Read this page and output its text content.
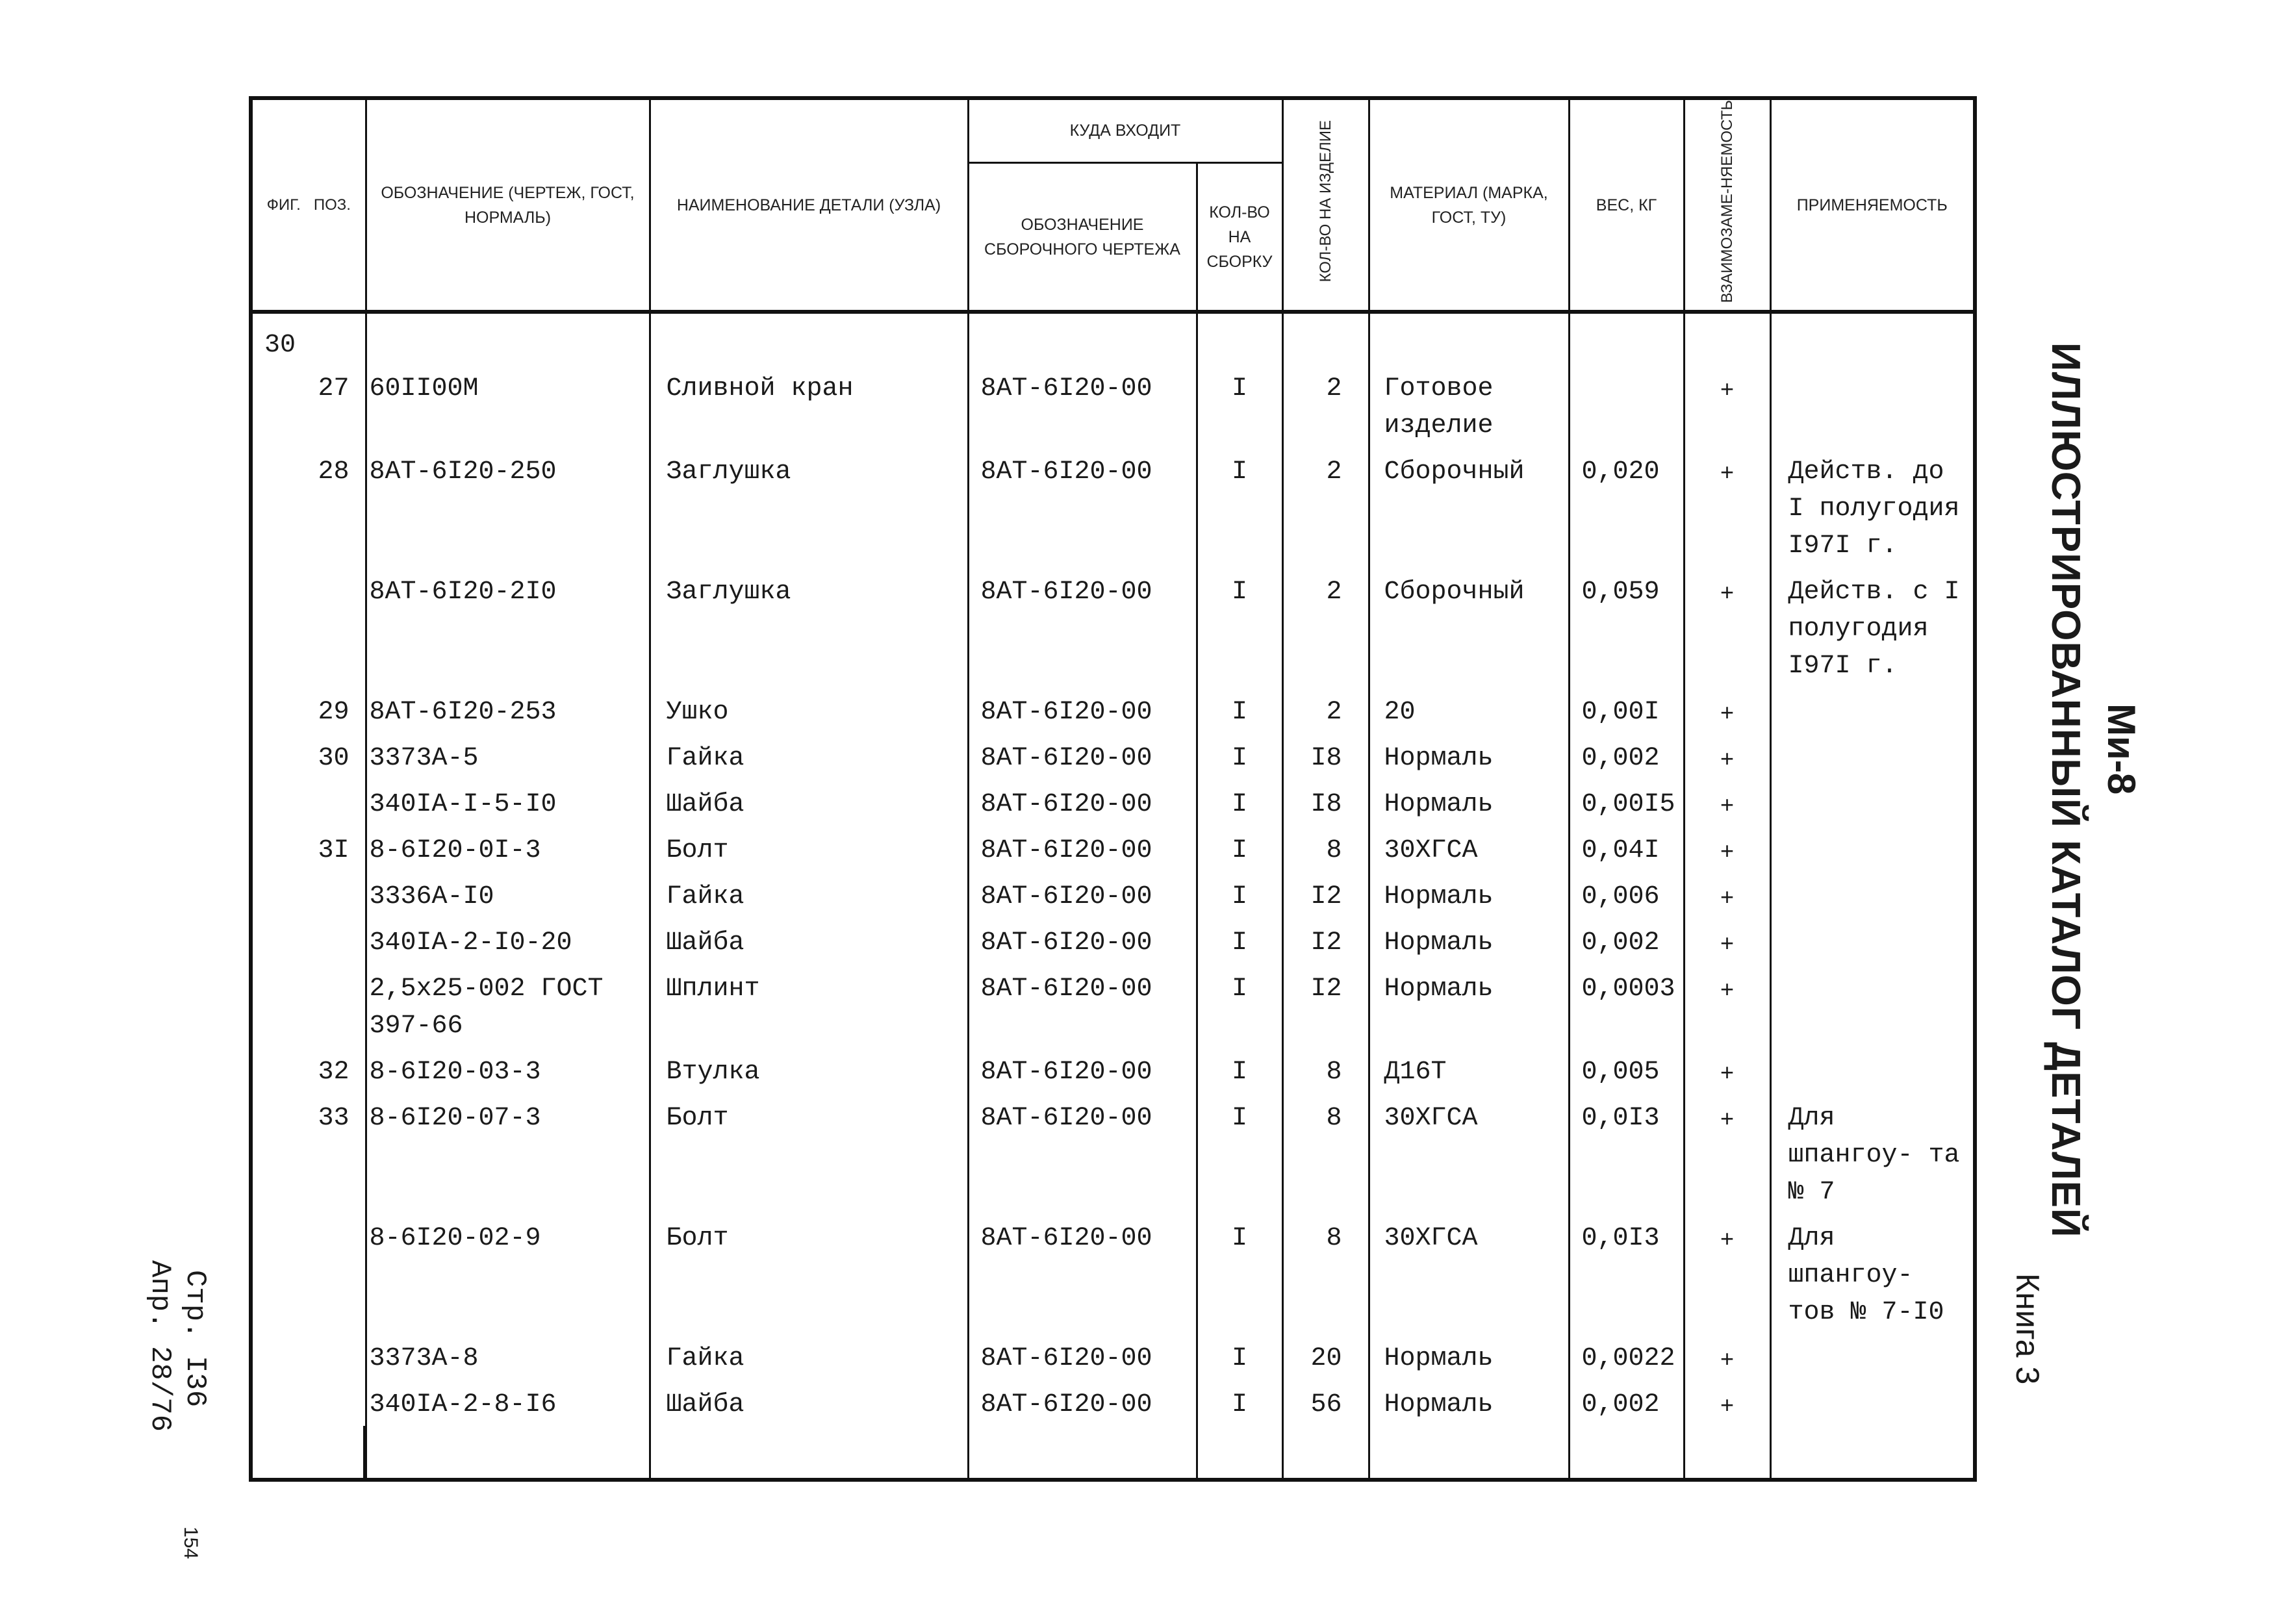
ФИГ. ПОЗ.		ОБОЗНАЧЕНИЕ (ЧЕРТЕЖ, ГОСТ, НОРМАЛЬ)	НАИМЕНОВАНИЕ ДЕТАЛИ (УЗЛА)	КУДА ВХОДИТ		КОЛ-ВО НА ИЗДЕЛИЕ	МАТЕРИАЛ (МАРКА, ГОСТ, ТУ)	ВЕС, КГ	ВЗАИМОЗАМЕ-НЯЕМОСТЬ	ПРИМЕНЯЕМОСТЬ
				ОБОЗНАЧЕНИЕ СБОРОЧНОГО ЧЕРТЕЖА	КОЛ-ВО НА СБОРКУ					
30										
27		60II00M	Сливной кран	8AT-6I20-00	I	2	Готовое изделие		+	
28		8AT-6I20-250	Заглушка	8AT-6I20-00	I	2	Сборочный	0,020	+	Действ. до I полугодия I97I г.
		8AT-6I20-2I0	Заглушка	8AT-6I20-00	I	2	Сборочный	0,059	+	Действ. с I полугодия I97I г.
29		8AT-6I20-253	Ушко	8AT-6I20-00	I	2	20	0,00I	+	
30		3373A-5	Гайка	8AT-6I20-00	I	I8	Нормаль	0,002	+	
		340IA-I-5-I0	Шайба	8AT-6I20-00	I	I8	Нормаль	0,00I5	+	
3I		8-6I20-0I-3	Болт	8AT-6I20-00	I	8	30ХГСА	0,04I	+	
		3336A-I0	Гайка	8AT-6I20-00	I	I2	Нормаль	0,006	+	
		340IA-2-I0-20	Шайба	8AT-6I20-00	I	I2	Нормаль	0,002	+	
		2,5x25-002 ГОСТ 397-66	Шплинт	8AT-6I20-00	I	I2	Нормаль	0,0003	+	
32		8-6I20-03-3	Втулка	8AT-6I20-00	I	8	Д16Т	0,005	+	
33		8-6I20-07-3	Болт	8AT-6I20-00	I	8	30ХГСА	0,0I3	+	Для шпангоу- та № 7
		8-6I20-02-9	Болт	8AT-6I20-00	I	8	30ХГСА	0,0I3	+	Для шпангоу- тов № 7-I0
		3373A-8	Гайка	8AT-6I20-00	I	20	Нормаль	0,0022	+	
		340IA-2-8-I6	Шайба	8AT-6I20-00	I	56	Нормаль	0,002	+	

Ми-8
ИЛЛЮСТРИРОВАННЫЙ КАТАЛОГ ДЕТАЛЕЙ
Книга 3
Стр. I36
Апр. 28/76
154
